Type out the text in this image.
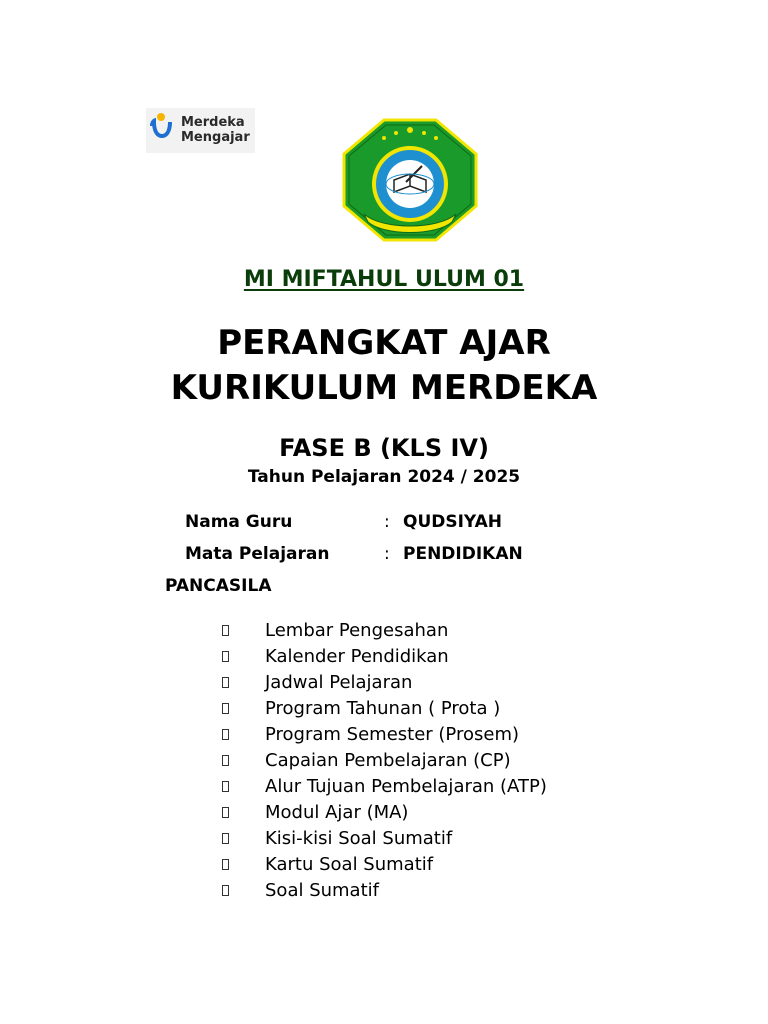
Merdeka
Mengajar
MI MIFTAHUL ULUM 01
PERANGKAT AJAR
KURIKULUM MERDEKA
FASE B (KLS IV)
Tahun Pelajaran 2024 / 2025
Nama Guru	: QUDSIYAH
Mata Pelajaran	: PENDIDIKAN
PANCASILA
Lembar Pengesahan
Kalender Pendidikan
Jadwal Pelajaran
Program Tahunan ( Prota )
Program Semester (Prosem)
Capaian Pembelajaran (CP)
Alur Tujuan Pembelajaran (ATP)
Modul Ajar (MA)
Kisi-kisi Soal Sumatif
Kartu Soal Sumatif
Soal Sumatif
